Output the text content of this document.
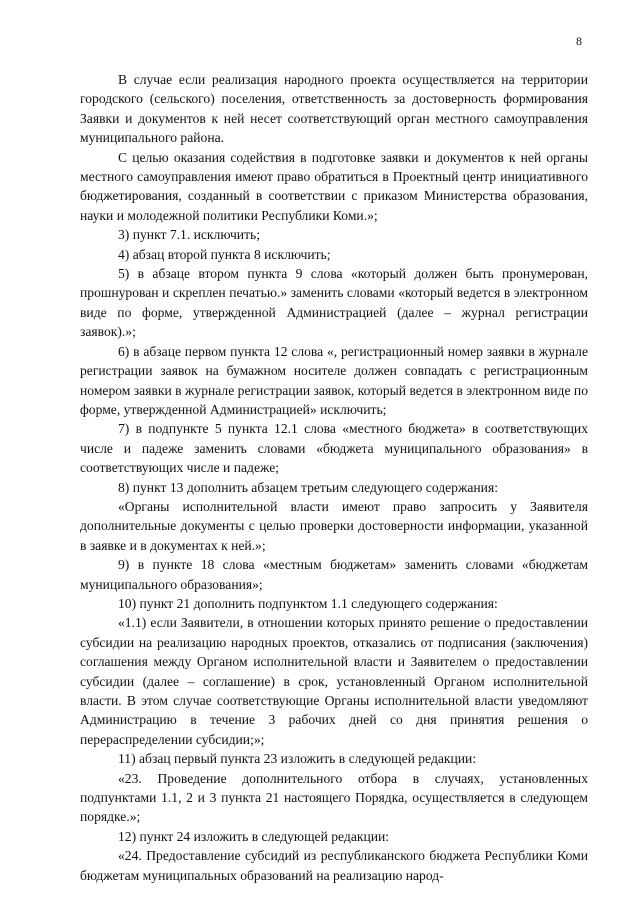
8

В случае если реализация народного проекта осуществляется на территории городского (сельского) поселения, ответственность за достоверность формирования Заявки и документов к ней несет соответствующий орган местного самоуправления муниципального района.

С целью оказания содействия в подготовке заявки и документов к ней органы местного самоуправления имеют право обратиться в Проектный центр инициативного бюджетирования, созданный в соответствии с приказом Министерства образования, науки и молодежной политики Республики Коми.»;

3) пункт 7.1. исключить;

4) абзац второй пункта 8 исключить;

5) в абзаце втором пункта 9 слова «который должен быть пронумерован, прошнурован и скреплен печатью.» заменить словами «который ведется в электронном виде по форме, утвержденной Администрацией (далее – журнал регистрации заявок).»;

6) в абзаце первом пункта 12 слова «, регистрационный номер заявки в журнале регистрации заявок на бумажном носителе должен совпадать с регистрационным номером заявки в журнале регистрации заявок, который ведется в электронном виде по форме, утвержденной Администрацией» исключить;

7) в подпункте 5 пункта 12.1 слова «местного бюджета» в соответствующих числе и падеже заменить словами «бюджета муниципального образования» в соответствующих числе и падеже;

8) пункт 13 дополнить абзацем третьим следующего содержания:

«Органы исполнительной власти имеют право запросить у Заявителя дополнительные документы с целью проверки достоверности информации, указанной в заявке и в документах к ней.»;

9) в пункте 18 слова «местным бюджетам» заменить словами «бюджетам муниципального образования»;

10) пункт 21 дополнить подпунктом 1.1 следующего содержания:

«1.1) если Заявители, в отношении которых принято решение о предоставлении субсидии на реализацию народных проектов, отказались от подписания (заключения) соглашения между Органом исполнительной власти и Заявителем о предоставлении субсидии (далее – соглашение) в срок, установленный Органом исполнительной власти. В этом случае соответствующие Органы исполнительной власти уведомляют Администрацию в течение 3 рабочих дней со дня принятия решения о перераспределении субсидии;»;

11) абзац первый пункта 23 изложить в следующей редакции:

«23. Проведение дополнительного отбора в случаях, установленных подпунктами 1.1, 2 и 3 пункта 21 настоящего Порядка, осуществляется в следующем порядке.»;

12) пункт 24 изложить в следующей редакции:

«24. Предоставление субсидий из республиканского бюджета Республики Коми бюджетам муниципальных образований на реализацию народ-
